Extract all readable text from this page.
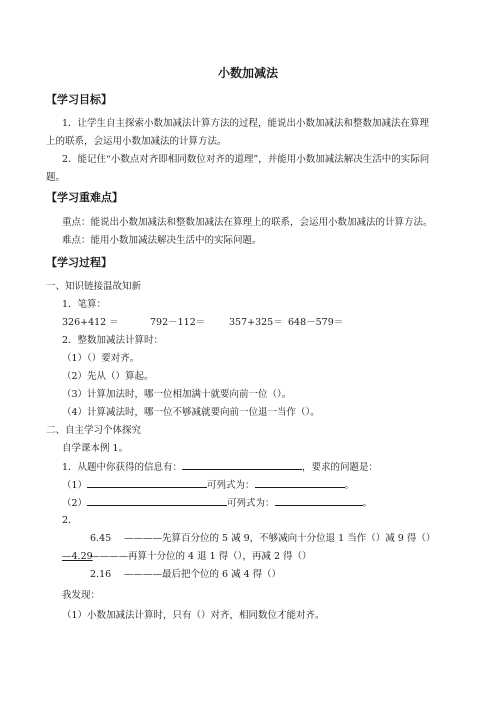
小数加减法
【学习目标】
1．让学生自主探索小数加减法计算方法的过程，能说出小数加减法和整数加减法在算理
上的联系，会运用小数加减法的计算方法。
2．能记住“小数点对齐即相同数位对齐的道理”，并能用小数加减法解决生活中的实际问
题。
【学习重难点】
重点：能说出小数加减法和整数加减法在算理上的联系，会运用小数加减法的计算方法。
难点：能用小数加减法解决生活中的实际问题。
【学习过程】
一、知识链接温故知新
1．笔算：
326+412 ＝	792－112＝ 357+325＝ 648－579＝
2．整数加减法计算时：
（1）（）要对齐。
（2）先从（）算起。
（3）计算加法时，哪一位相加满十就要向前一位（）。
（4）计算减法时，哪一位不够减就要向前一位退一当作（）。
二、自主学习个体探究
自学课本例 1。
1．从题中你获得的信息有：	，要求的问题是：
（1）	可列式为：	。
（2）	可列式为：	。
2．
6.45 ————先算百分位的 5 减 9，不够减向十分位退 1 当作（）减 9 得（）
—4.29
————再算十分位的 4 退 1 得（），再减 2 得（）
2.16 ————最后把个位的 6 减 4 得（）
我发现：
（1）小数加减法计算时，只有（）对齐，相同数位才能对齐。
